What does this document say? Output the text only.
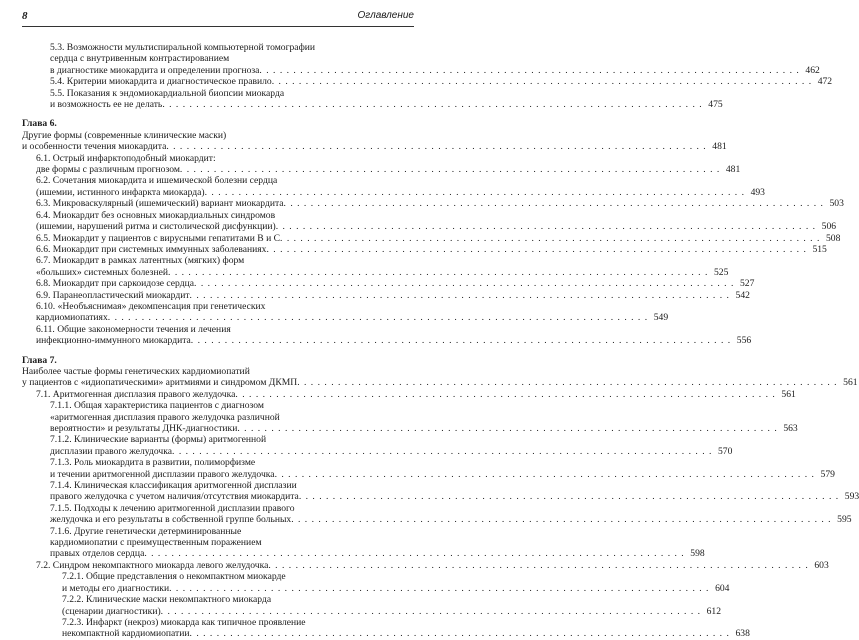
8	Оглавление
5.3. Возможности мультиспиральной компьютерной томографии
сердца с внутривенным контрастированием
в диагностике миокардита и определении прогноза . . . . . . . . . . . . . . . . . . . . . . . . . . . . . . . . . . . . . . . . . . . . . . . . . . . . . . . . . . . . . . . . . . . . . . . . . . . . . . . . 462
5.4. Критерии миокардита и диагностическое правило . . . . . . . . . . . . . . . . . . . . . . . . . . . . . . . . . . . . . . . . . . . . . . . . . . . . . . . . . . . . . . . . . . . . . . . . . . . . . . . . 472
5.5. Показания к эндомиокардиальной биопсии миокарда
и возможность ее не делать . . . . . . . . . . . . . . . . . . . . . . . . . . . . . . . . . . . . . . . . . . . . . . . . . . . . . . . . . . . . . . . . . . . . . . . . . . . . . . . . 475
Глава 6.
Другие формы (современные клинические маски)
и особенности течения миокардита . . . . . . . . . . . . . . . . . . . . . . . . . . . . . . . . . . . . . . . . . . . . . . . . . . . . . . . . . . . . . . . . . . . . . . . . . . . . . . . . 481
6.1. Острый инфарктоподобный миокардит:
две формы с различным прогнозом . . . . . . . . . . . . . . . . . . . . . . . . . . . . . . . . . . . . . . . . . . . . . . . . . . . . . . . . . . . . . . . . . . . . . . . . . . . . . . . . 481
6.2. Сочетания миокардита и ишемической болезни сердца
(ишемии, истинного инфаркта миокарда) . . . . . . . . . . . . . . . . . . . . . . . . . . . . . . . . . . . . . . . . . . . . . . . . . . . . . . . . . . . . . . . . . . . . . . . . . . . . . . . . 493
6.3. Микроваскулярный (ишемический) вариант миокардита . . . . . . . . . . . . . . . . . . . . . . . . . . . . . . . . . . . . . . . . . . . . . . . . . . . . . . . . . . . . . . . . . . . . . . . . . . . . . . . . 503
6.4. Миокардит без основных миокардиальных синдромов
(ишемии, нарушений ритма и систолической дисфункции) . . . . . . . . . . . . . . . . . . . . . . . . . . . . . . . . . . . . . . . . . . . . . . . . . . . . . . . . . . . . . . . . . . . . . . . . . . . . . . . . 506
6.5. Миокардит у пациентов с вирусными гепатитами В и С . . . . . . . . . . . . . . . . . . . . . . . . . . . . . . . . . . . . . . . . . . . . . . . . . . . . . . . . . . . . . . . . . . . . . . . . . . . . . . . . 508
6.6. Миокардит при системных иммунных заболеваниях . . . . . . . . . . . . . . . . . . . . . . . . . . . . . . . . . . . . . . . . . . . . . . . . . . . . . . . . . . . . . . . . . . . . . . . . . . . . . . . . 515
6.7. Миокардит в рамках латентных (мягких) форм
«больших» системных болезней . . . . . . . . . . . . . . . . . . . . . . . . . . . . . . . . . . . . . . . . . . . . . . . . . . . . . . . . . . . . . . . . . . . . . . . . . . . . . . . . 525
6.8. Миокардит при саркоидозе сердца . . . . . . . . . . . . . . . . . . . . . . . . . . . . . . . . . . . . . . . . . . . . . . . . . . . . . . . . . . . . . . . . . . . . . . . . . . . . . . . . 527
6.9. Паранеопластический миокардит . . . . . . . . . . . . . . . . . . . . . . . . . . . . . . . . . . . . . . . . . . . . . . . . . . . . . . . . . . . . . . . . . . . . . . . . . . . . . . . . 542
6.10. «Необъяснимая» декомпенсация при генетических
кардиомиопатиях . . . . . . . . . . . . . . . . . . . . . . . . . . . . . . . . . . . . . . . . . . . . . . . . . . . . . . . . . . . . . . . . . . . . . . . . . . . . . . . . 549
6.11. Общие закономерности течения и лечения
инфекционно-иммунного миокардита . . . . . . . . . . . . . . . . . . . . . . . . . . . . . . . . . . . . . . . . . . . . . . . . . . . . . . . . . . . . . . . . . . . . . . . . . . . . . . . . 556
Глава 7.
Наиболее частые формы генетических кардиомиопатий
у пациентов с «идиопатическими» аритмиями и синдромом ДКМП . . . . . . . . . . . . . . . . . . . . . . . . . . . . . . . . . . . . . . . . . . . . . . . . . . . . . . . . . . . . . . . . . . . . . . . . . . . . . . . . 561
7.1. Аритмогенная дисплазия правого желудочка . . . . . . . . . . . . . . . . . . . . . . . . . . . . . . . . . . . . . . . . . . . . . . . . . . . . . . . . . . . . . . . . . . . . . . . . . . . . . . . . 561
7.1.1. Общая характеристика пациентов с диагнозом
«аритмогенная дисплазия правого желудочка различной
вероятности» и результаты ДНК-диагностики . . . . . . . . . . . . . . . . . . . . . . . . . . . . . . . . . . . . . . . . . . . . . . . . . . . . . . . . . . . . . . . . . . . . . . . . . . . . . . . . 563
7.1.2. Клинические варианты (формы) аритмогенной
дисплазии правого желудочка . . . . . . . . . . . . . . . . . . . . . . . . . . . . . . . . . . . . . . . . . . . . . . . . . . . . . . . . . . . . . . . . . . . . . . . . . . . . . . . . 570
7.1.3. Роль миокардита в развитии, полиморфизме
и течении аритмогенной дисплазии правого желудочка . . . . . . . . . . . . . . . . . . . . . . . . . . . . . . . . . . . . . . . . . . . . . . . . . . . . . . . . . . . . . . . . . . . . . . . . . . . . . . . . 579
7.1.4. Клиническая классификация аритмогенной дисплазии
правого желудочка с учетом наличия/отсутствия миокардита . . . . . . . . . . . . . . . . . . . . . . . . . . . . . . . . . . . . . . . . . . . . . . . . . . . . . . . . . . . . . . . . . . . . . . . . . . . . . . . . 593
7.1.5. Подходы к лечению аритмогенной дисплазии правого
желудочка и его результаты в собственной группе больных . . . . . . . . . . . . . . . . . . . . . . . . . . . . . . . . . . . . . . . . . . . . . . . . . . . . . . . . . . . . . . . . . . . . . . . . . . . . . . . . 595
7.1.6. Другие генетически детерминированные
кардиомиопатии с преимущественным поражением
правых отделов сердца . . . . . . . . . . . . . . . . . . . . . . . . . . . . . . . . . . . . . . . . . . . . . . . . . . . . . . . . . . . . . . . . . . . . . . . . . . . . . . . . 598
7.2. Синдром некомпактного миокарда левого желудочка . . . . . . . . . . . . . . . . . . . . . . . . . . . . . . . . . . . . . . . . . . . . . . . . . . . . . . . . . . . . . . . . . . . . . . . . . . . . . . . . 603
7.2.1. Общие представления о некомпактном миокарде
и методы его диагностики . . . . . . . . . . . . . . . . . . . . . . . . . . . . . . . . . . . . . . . . . . . . . . . . . . . . . . . . . . . . . . . . . . . . . . . . . . . . . . . . 604
7.2.2. Клинические маски некомпактного миокарда
(сценарии диагностики) . . . . . . . . . . . . . . . . . . . . . . . . . . . . . . . . . . . . . . . . . . . . . . . . . . . . . . . . . . . . . . . . . . . . . . . . . . . . . . . . 612
7.2.3. Инфаркт (некроз) миокарда как типичное проявление
некомпактной кардиомиопатии . . . . . . . . . . . . . . . . . . . . . . . . . . . . . . . . . . . . . . . . . . . . . . . . . . . . . . . . . . . . . . . . . . . . . . . . . . . . . . . . 638
